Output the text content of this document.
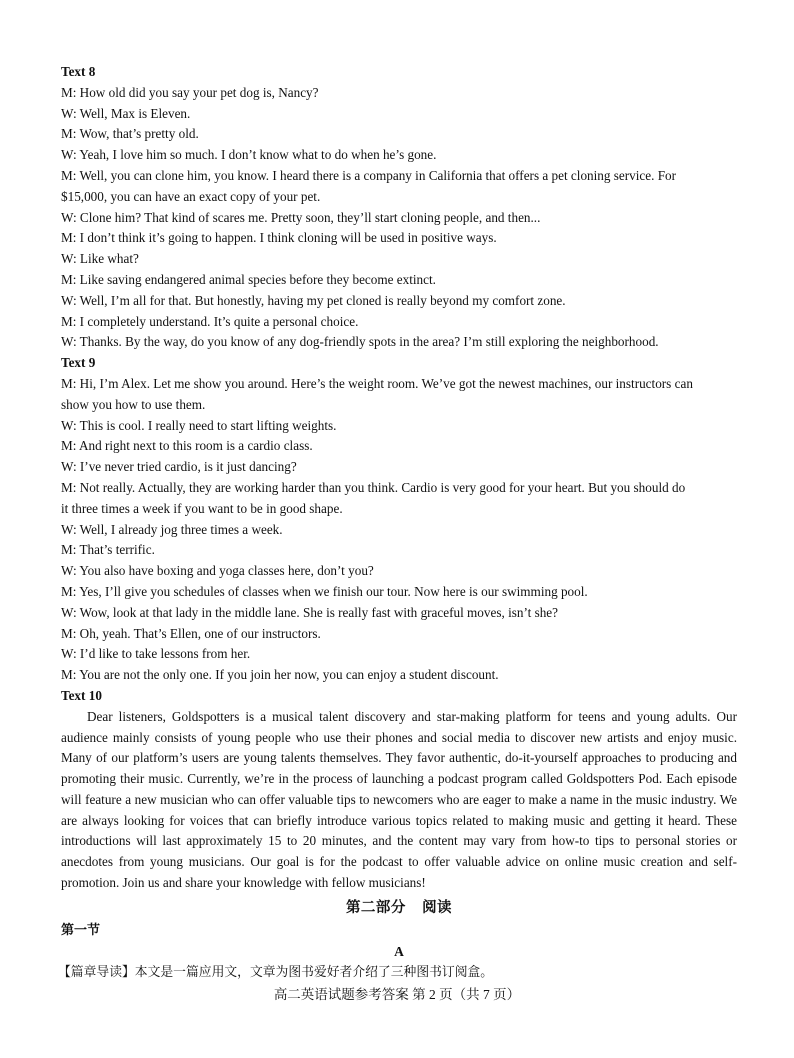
Text 8
M: How old did you say your pet dog is, Nancy?
W: Well, Max is Eleven.
M: Wow, that’s pretty old.
W: Yeah, I love him so much. I don’t know what to do when he’s gone.
M: Well, you can clone him, you know. I heard there is a company in California that offers a pet cloning service. For
$15,000, you can have an exact copy of your pet.
W: Clone him? That kind of scares me. Pretty soon, they’ll start cloning people, and then...
M: I don’t think it’s going to happen. I think cloning will be used in positive ways.
W: Like what?
M: Like saving endangered animal species before they become extinct.
W: Well, I’m all for that. But honestly, having my pet cloned is really beyond my comfort zone.
M: I completely understand. It’s quite a personal choice.
W: Thanks. By the way, do you know of any dog-friendly spots in the area? I’m still exploring the neighborhood.
Text 9
M: Hi, I’m Alex. Let me show you around. Here’s the weight room. We’ve got the newest machines, our instructors can
show you how to use them.
W: This is cool. I really need to start lifting weights.
M: And right next to this room is a cardio class.
W: I’ve never tried cardio, is it just dancing?
M: Not really. Actually, they are working harder than you think. Cardio is very good for your heart. But you should do
it three times a week if you want to be in good shape.
W: Well, I already jog three times a week.
M: That’s terrific.
W: You also have boxing and yoga classes here, don’t you?
M: Yes, I’ll give you schedules of classes when we finish our tour. Now here is our swimming pool.
W: Wow, look at that lady in the middle lane. She is really fast with graceful moves, isn’t she?
M: Oh, yeah. That’s Ellen, one of our instructors.
W: I’d like to take lessons from her.
M: You are not the only one. If you join her now, you can enjoy a student discount.
Text 10

Dear listeners, Goldspotters is a musical talent discovery and star-making platform for teens and young adults. Our audience mainly consists of young people who use their phones and social media to discover new artists and enjoy music. Many of our platform’s users are young talents themselves. They favor authentic, do-it-yourself approaches to producing and promoting their music. Currently, we’re in the process of launching a podcast program called Goldspotters Pod. Each episode will feature a new musician who can offer valuable tips to newcomers who are eager to make a name in the music industry. We are always looking for voices that can briefly introduce various topics related to making music and getting it heard. These introductions will last approximately 15 to 20 minutes, and the content may vary from how-to tips to personal stories or anecdotes from young musicians. Our goal is for the podcast to offer valuable advice on online music creation and self-promotion. Join us and share your knowledge with fellow musicians!

第二部分 阅读
第一节
A
【篇章导读】本文是一篇应用文，文章为图书爱好者介绍了三种图书订阅盒。
高二英语试题参考答案 第 2 页（共 7 页）
